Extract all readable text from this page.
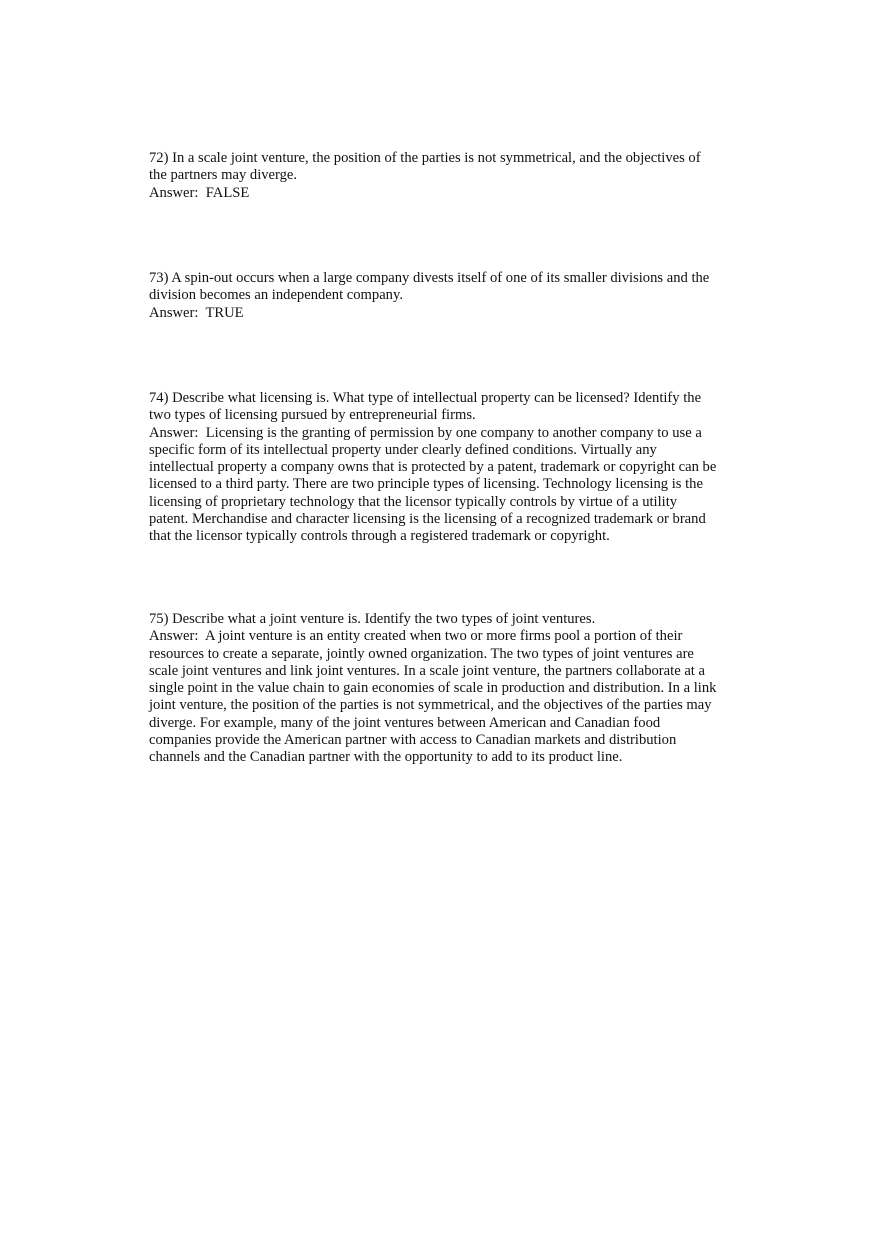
72) In a scale joint venture, the position of the parties is not symmetrical, and the objectives of
the partners may diverge.
Answer:  FALSE
73) A spin-out occurs when a large company divests itself of one of its smaller divisions and the
division becomes an independent company.
Answer:  TRUE
74) Describe what licensing is. What type of intellectual property can be licensed? Identify the
two types of licensing pursued by entrepreneurial firms.
Answer:  Licensing is the granting of permission by one company to another company to use a
specific form of its intellectual property under clearly defined conditions. Virtually any
intellectual property a company owns that is protected by a patent, trademark or copyright can be
licensed to a third party. There are two principle types of licensing. Technology licensing is the
licensing of proprietary technology that the licensor typically controls by virtue of a utility
patent. Merchandise and character licensing is the licensing of a recognized trademark or brand
that the licensor typically controls through a registered trademark or copyright.
75) Describe what a joint venture is. Identify the two types of joint ventures.
Answer:  A joint venture is an entity created when two or more firms pool a portion of their
resources to create a separate, jointly owned organization. The two types of joint ventures are
scale joint ventures and link joint ventures. In a scale joint venture, the partners collaborate at a
single point in the value chain to gain economies of scale in production and distribution. In a link
joint venture, the position of the parties is not symmetrical, and the objectives of the parties may
diverge. For example, many of the joint ventures between American and Canadian food
companies provide the American partner with access to Canadian markets and distribution
channels and the Canadian partner with the opportunity to add to its product line.
